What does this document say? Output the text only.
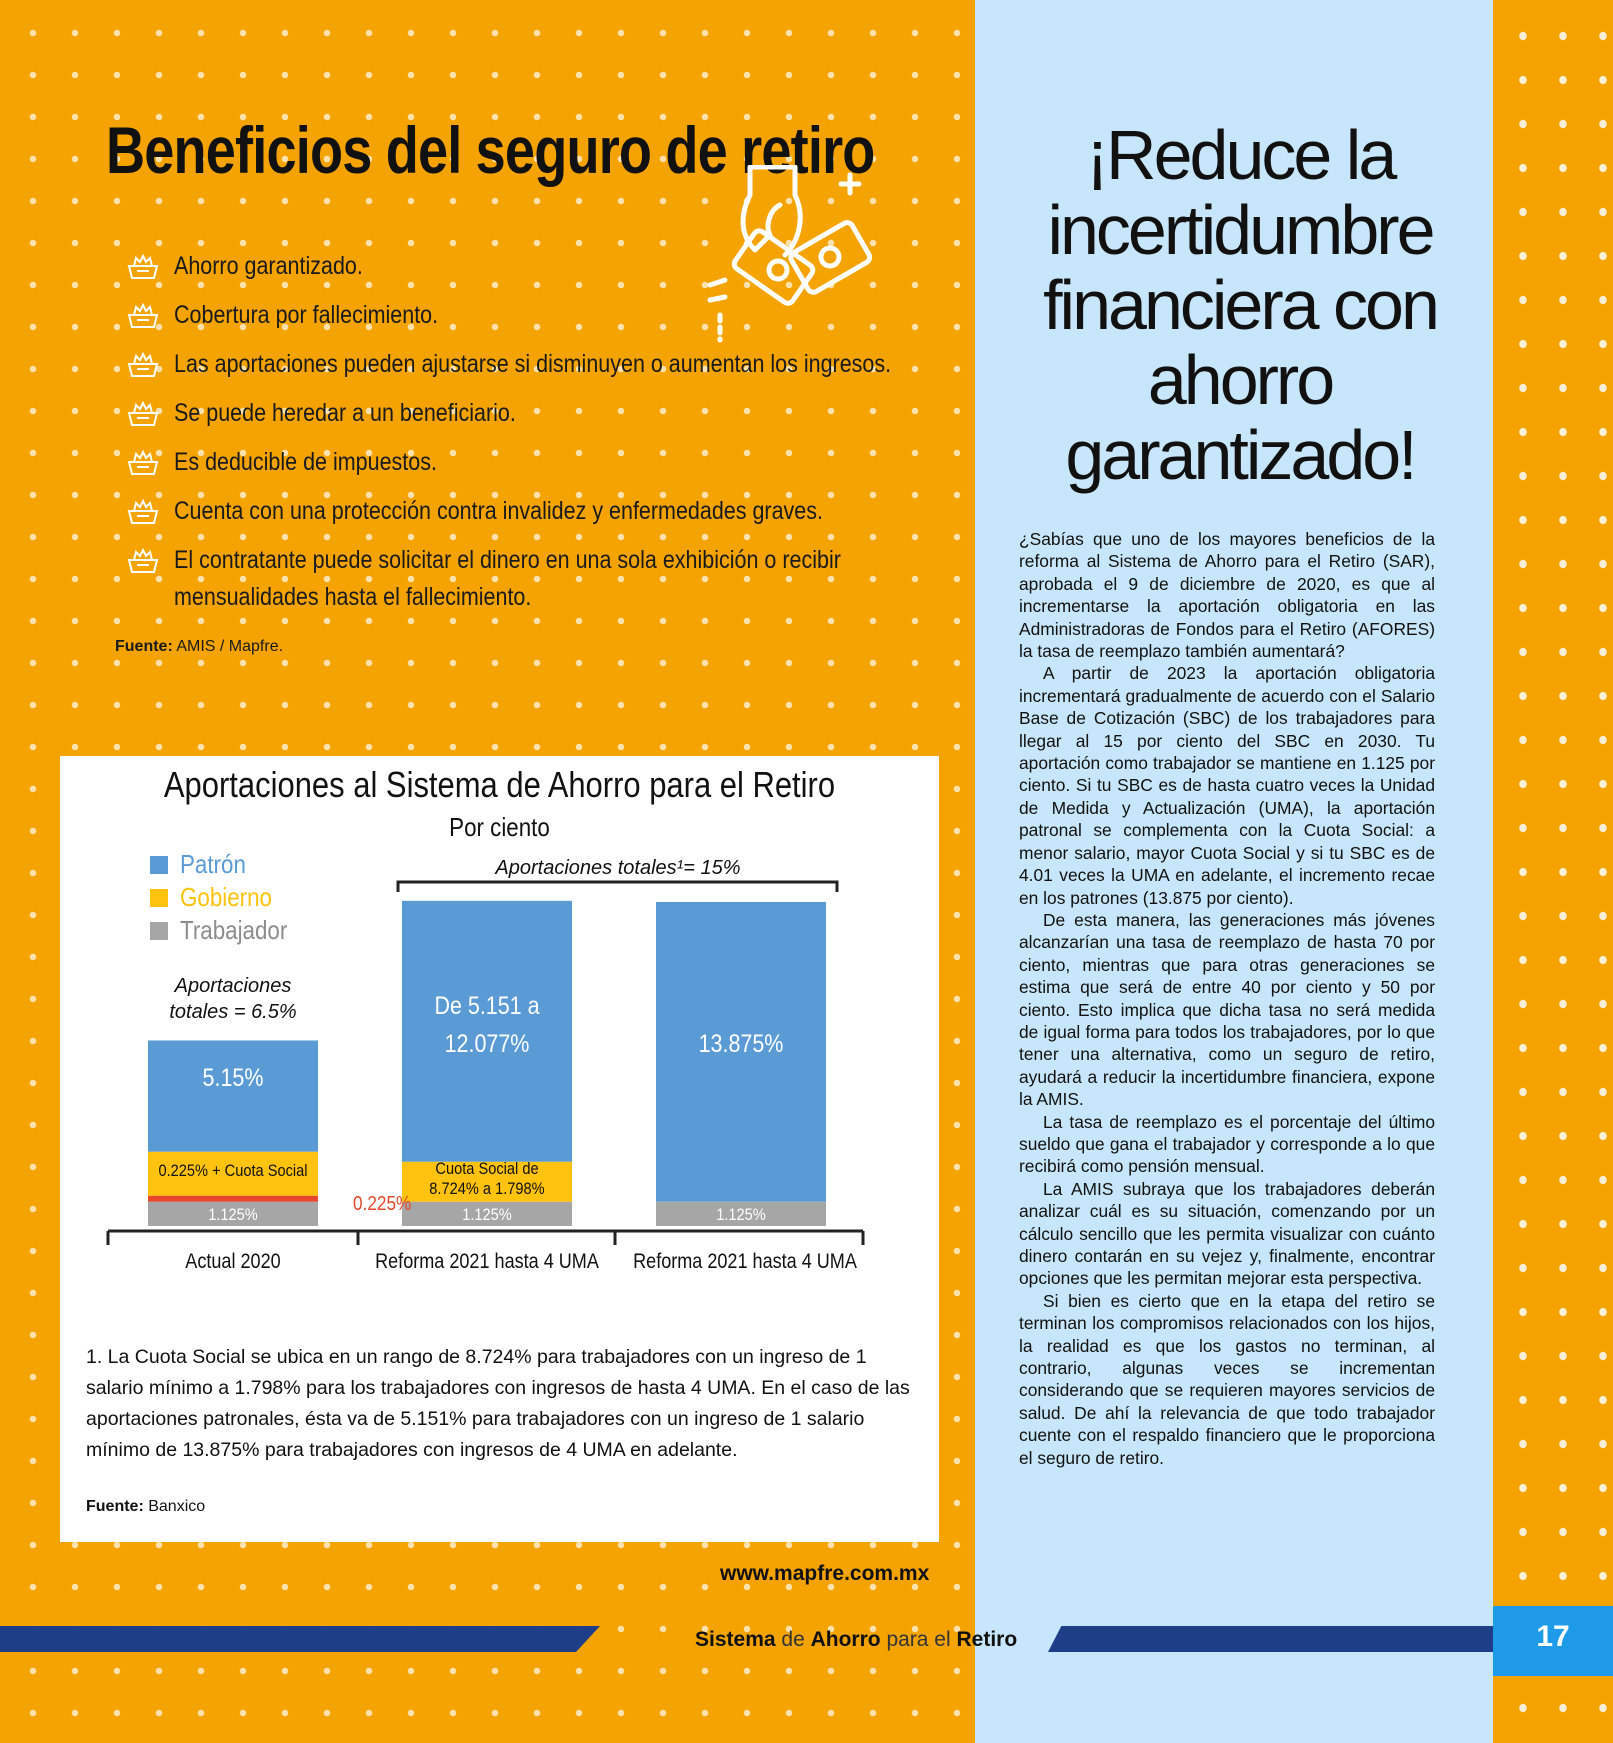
Beneficios del seguro de retiro
Ahorro garantizado.
Cobertura por fallecimiento.
Las aportaciones pueden ajustarse si disminuyen o aumentan los ingresos.
Se puede heredar a un beneficiario.
Es deducible de impuestos.
Cuenta con una protección contra invalidez y enfermedades graves.
El contratante puede solicitar el dinero en una sola exhibición o recibir mensualidades hasta el fallecimiento.
Fuente: AMIS / Mapfre.
Aportaciones al Sistema de Ahorro para el Retiro
Por ciento
1.125%	1.125%	1.125%
0.225% + Cuota Social	Cuota Social de
8.724% a 1.798%
5.15%
De 5.151 a
12.077%	13.875%
0.225%
Aportaciones
totales = 6.5%
Aportaciones totales¹= 15%
Actual 2020	Reforma 2021 hasta 4 UMA Reforma 2021 hasta 4 UMA
Patrón
Gobierno
Trabajador
1. La Cuota Social se ubica en un rango de 8.724% para trabajadores con un ingreso de 1 salario mínimo a 1.798% para los trabajadores con ingresos de hasta 4 UMA. En el caso de las aportaciones patronales, ésta va de 5.151% para trabajadores con un ingreso de 1 salario mínimo de 13.875% para trabajadores con ingresos de 4 UMA en adelante.
Fuente: Banxico
www.mapfre.com.mx
Sistema de Ahorro para el Retiro	17
¡Reduce la
incertidumbre
financiera con
ahorro
garantizado!

¿Sabías que uno de los mayores beneficios de la reforma al Sistema de Ahorro para el Retiro (SAR), aprobada el 9 de diciembre de 2020, es que al incrementarse la aportación obligatoria en las Administradoras de Fondos para el Retiro (AFORES) la tasa de reemplazo también aumentará?

A partir de 2023 la aportación obligatoria incrementará gradualmente de acuerdo con el Salario Base de Cotización (SBC) de los trabajadores para llegar al 15 por ciento del SBC en 2030. Tu aportación como trabajador se mantiene en 1.125 por ciento. Si tu SBC es de hasta cuatro veces la Unidad de Medida y Actualización (UMA), la aportación patronal se complementa con la Cuota Social: a menor salario, mayor Cuota Social y si tu SBC es de 4.01 veces la UMA en adelante, el incremento recae en los patrones (13.875 por ciento).

De esta manera, las generaciones más jóvenes alcanzarían una tasa de reemplazo de hasta 70 por ciento, mientras que para otras generaciones se estima que será de entre 40 por ciento y 50 por ciento. Esto implica que dicha tasa no será medida de igual forma para todos los trabajadores, por lo que tener una alternativa, como un seguro de retiro, ayudará a reducir la incertidumbre financiera, expone la AMIS.

La tasa de reemplazo es el porcentaje del último sueldo que gana el trabajador y corresponde a lo que recibirá como pensión mensual.

La AMIS subraya que los trabajadores deberán analizar cuál es su situación, comenzando por un cálculo sencillo que les permita visualizar con cuánto dinero contarán en su vejez y, finalmente, encontrar opciones que les permitan mejorar esta perspectiva.

Si bien es cierto que en la etapa del retiro se terminan los compromisos relacionados con los hijos, la realidad es que los gastos no terminan, al contrario, algunas veces se incrementan considerando que se requieren mayores servicios de salud. De ahí la relevancia de que todo trabajador cuente con el respaldo financiero que le proporciona el seguro de retiro.
